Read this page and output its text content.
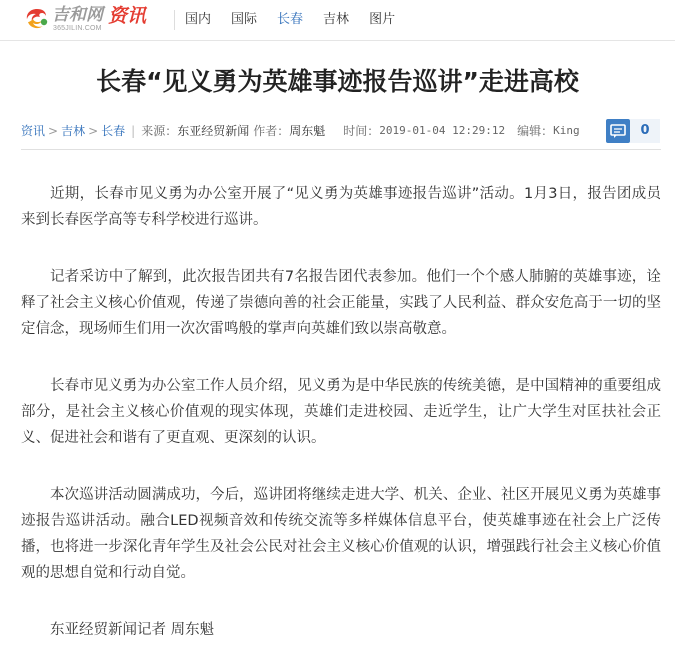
吉和网
365JILIN.COM
资讯	国内 国际 长春 吉林 图片
长春“见义勇为英雄事迹报告巡讲”走进高校
资讯 > 吉林 > 长春 | 来源：东亚经贸新闻 作者：周东魁 时间：2019-01-04 12:29:12 编辑：King	0

近期，长春市见义勇为办公室开展了“见义勇为英雄事迹报告巡讲”活动。1月3日，报告团成员来到长春医学高等专科学校进行巡讲。

记者采访中了解到，此次报告团共有7名报告团代表参加。他们一个个感人肺腑的英雄事迹，诠释了社会主义核心价值观，传递了崇德向善的社会正能量，实践了人民利益、群众安危高于一切的坚定信念，现场师生们用一次次雷鸣般的掌声向英雄们致以崇高敬意。

长春市见义勇为办公室工作人员介绍，见义勇为是中华民族的传统美德，是中国精神的重要组成部分，是社会主义核心价值观的现实体现，英雄们走进校园、走近学生，让广大学生对匡扶社会正义、促进社会和谐有了更直观、更深刻的认识。

本次巡讲活动圆满成功，今后，巡讲团将继续走进大学、机关、企业、社区开展见义勇为英雄事迹报告巡讲活动。融合LED视频音效和传统交流等多样媒体信息平台，使英雄事迹在社会上广泛传播，也将进一步深化青年学生及社会公民对社会主义核心价值观的认识，增强践行社会主义核心价值观的思想自觉和行动自觉。

东亚经贸新闻记者 周东魁
